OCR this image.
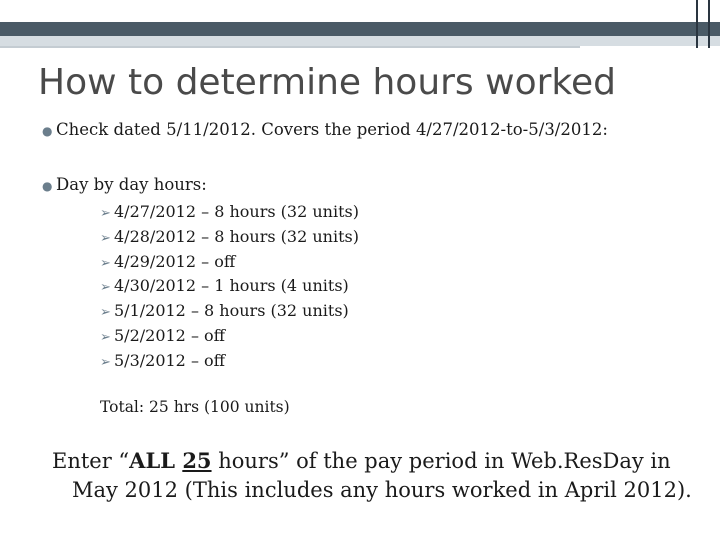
How to determine hours worked
● Check dated 5/11/2012. Covers the period 4/27/2012-to-5/3/2012:
● Day by day hours:
➢ 4/27/2012 – 8 hours (32 units)
➢ 4/28/2012 – 8 hours (32 units)
➢ 4/29/2012 – off
➢ 4/30/2012 – 1 hours (4 units)
➢ 5/1/2012 – 8 hours (32 units)
➢ 5/2/2012 – off
➢ 5/3/2012 – off
Total: 25 hrs (100 units)
Enter “ALL 25 hours” of the pay period in Web.ResDay in May 2012 (This includes any hours worked in April 2012).
